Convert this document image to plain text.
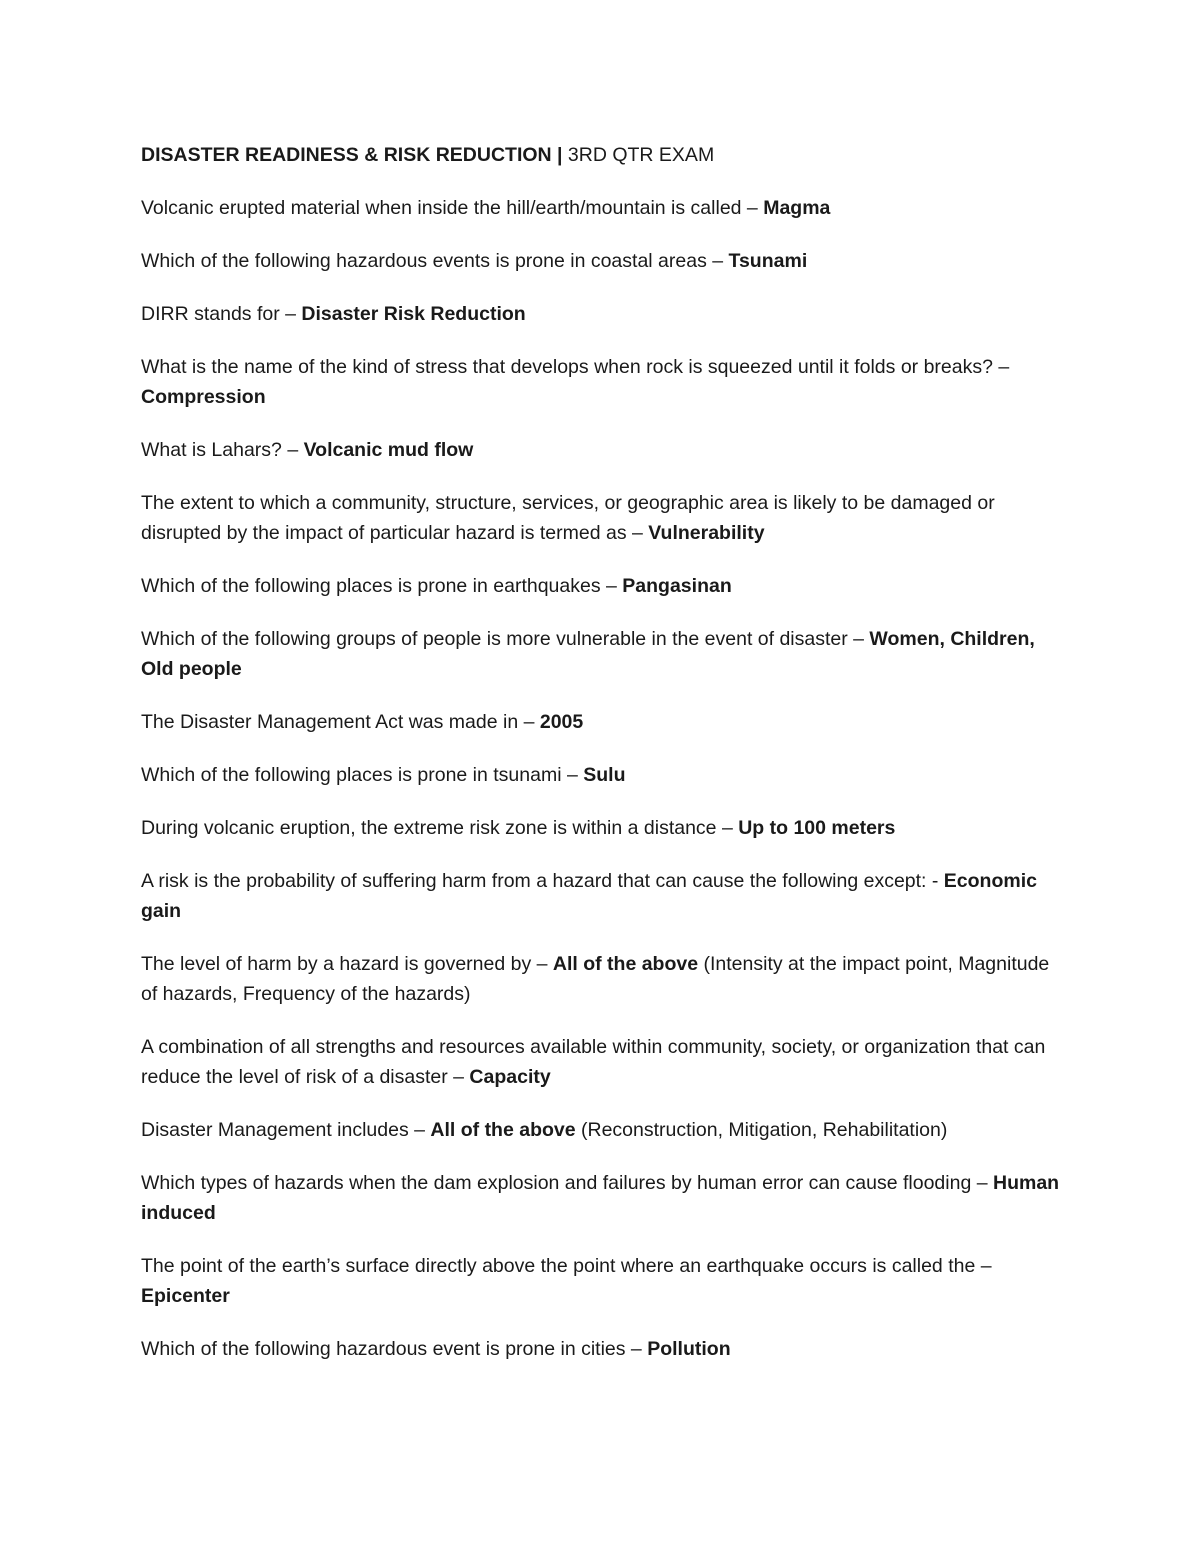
DISASTER READINESS & RISK REDUCTION | 3RD QTR EXAM

Volcanic erupted material when inside the hill/earth/mountain is called – Magma

Which of the following hazardous events is prone in coastal areas – Tsunami

DIRR stands for – Disaster Risk Reduction

What is the name of the kind of stress that develops when rock is squeezed until it folds or breaks? – Compression

What is Lahars? – Volcanic mud flow

The extent to which a community, structure, services, or geographic area is likely to be damaged or disrupted by the impact of particular hazard is termed as – Vulnerability

Which of the following places is prone in earthquakes – Pangasinan

Which of the following groups of people is more vulnerable in the event of disaster – Women, Children, Old people

The Disaster Management Act was made in – 2005

Which of the following places is prone in tsunami – Sulu

During volcanic eruption, the extreme risk zone is within a distance – Up to 100 meters

A risk is the probability of suffering harm from a hazard that can cause the following except: - Economic gain

The level of harm by a hazard is governed by – All of the above (Intensity at the impact point, Magnitude of hazards, Frequency of the hazards)

A combination of all strengths and resources available within community, society, or organization that can reduce the level of risk of a disaster – Capacity

Disaster Management includes – All of the above (Reconstruction, Mitigation, Rehabilitation)

Which types of hazards when the dam explosion and failures by human error can cause flooding – Human induced

The point of the earth’s surface directly above the point where an earthquake occurs is called the – Epicenter

Which of the following hazardous event is prone in cities – Pollution
